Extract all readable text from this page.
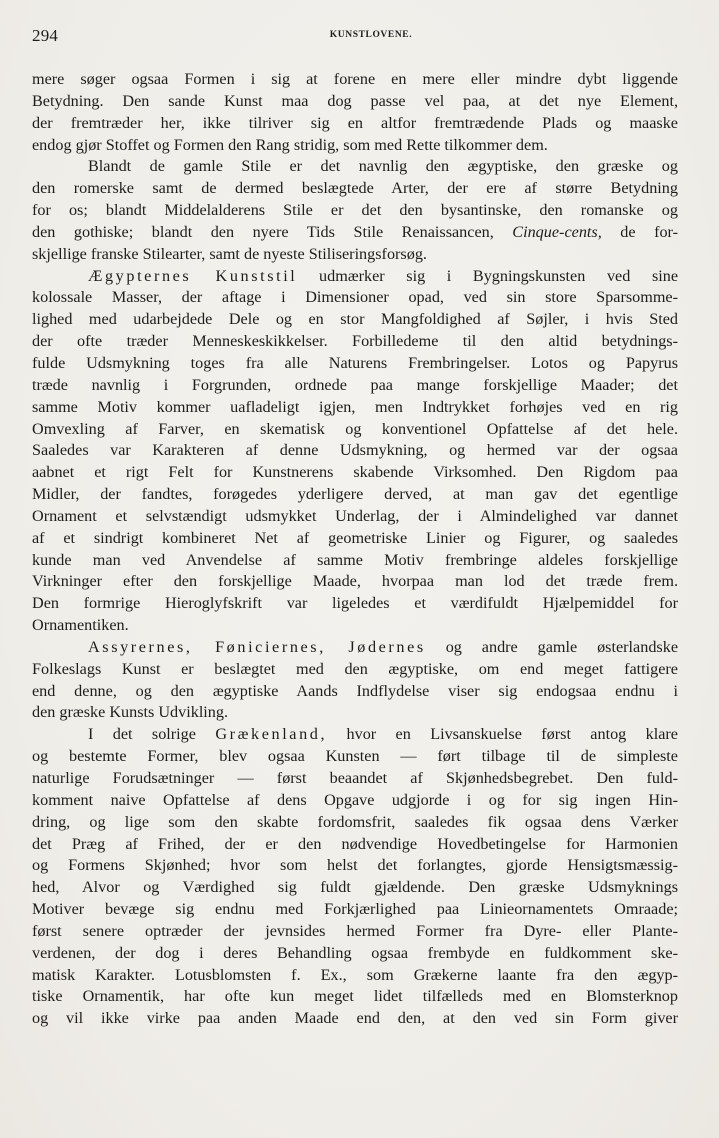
294	KUNSTLOVENE.
mere søger ogsaa Formen i sig at forene en mere eller mindre dybt liggende
Betydning. Den sande Kunst maa dog passe vel paa, at det nye Element,
der fremtræder her, ikke tilriver sig en altfor fremtrædende Plads og maaske
endog gjør Stoffet og Formen den Rang stridig, som med Rette tilkommer dem.
Blandt de gamle Stile er det navnlig den ægyptiske, den græske og
den romerske samt de dermed beslægtede Arter, der ere af større Betydning
for os; blandt Middelalderens Stile er det den bysantinske, den romanske og
den gothiske; blandt den nyere Tids Stile Renaissancen, Cinque-cents, de for-
skjellige franske Stilearter, samt de nyeste Stiliseringsforsøg.
Ægypternes Kunststil udmærker sig i Bygningskunsten ved sine
kolossale Masser, der aftage i Dimensioner opad, ved sin store Sparsomme-
lighed med udarbejdede Dele og en stor Mangfoldighed af Søjler, i hvis Sted
der ofte træder Menneskeskikkelser. Forbilledeme til den altid betydnings-
fulde Udsmykning toges fra alle Naturens Frembringelser. Lotos og Papyrus
træde navnlig i Forgrunden, ordnede paa mange forskjellige Maader; det
samme Motiv kommer uafladeligt igjen, men Indtrykket forhøjes ved en rig
Omvexling af Farver, en skematisk og konventionel Opfattelse af det hele.
Saaledes var Karakteren af denne Udsmykning, og hermed var der ogsaa
aabnet et rigt Felt for Kunstnerens skabende Virksomhed. Den Rigdom paa
Midler, der fandtes, forøgedes yderligere derved, at man gav det egentlige
Ornament et selvstændigt udsmykket Underlag, der i Almindelighed var dannet
af et sindrigt kombineret Net af geometriske Linier og Figurer, og saaledes
kunde man ved Anvendelse af samme Motiv frembringe aldeles forskjellige
Virkninger efter den forskjellige Maade, hvorpaa man lod det træde frem.
Den formrige Hieroglyfskrift var ligeledes et værdifuldt Hjælpemiddel for
Ornamentiken.
Assyrernes, Føniciernes, Jødernes og andre gamle østerlandske
Folkeslags Kunst er beslægtet med den ægyptiske, om end meget fattigere
end denne, og den ægyptiske Aands Indflydelse viser sig endogsaa endnu i
den græske Kunsts Udvikling.
I det solrige Grækenland, hvor en Livsanskuelse først antog klare
og bestemte Former, blev ogsaa Kunsten — ført tilbage til de simpleste
naturlige Forudsætninger — først beaandet af Skjønhedsbegrebet. Den fuld-
komment naive Opfattelse af dens Opgave udgjorde i og for sig ingen Hin-
dring, og lige som den skabte fordomsfrit, saaledes fik ogsaa dens Værker
det Præg af Frihed, der er den nødvendige Hovedbetingelse for Harmonien
og Formens Skjønhed; hvor som helst det forlangtes, gjorde Hensigtsmæssig-
hed, Alvor og Værdighed sig fuldt gjældende. Den græske Udsmyknings
Motiver bevæge sig endnu med Forkjærlighed paa Linieornamentets Omraade;
først senere optræder der jevnsides hermed Former fra Dyre- eller Plante-
verdenen, der dog i deres Behandling ogsaa frembyde en fuldkomment ske-
matisk Karakter. Lotusblomsten f. Ex., som Grækerne laante fra den ægyp-
tiske Ornamentik, har ofte kun meget lidet tilfælleds med en Blomsterknop
og vil ikke virke paa anden Maade end den, at den ved sin Form giver
